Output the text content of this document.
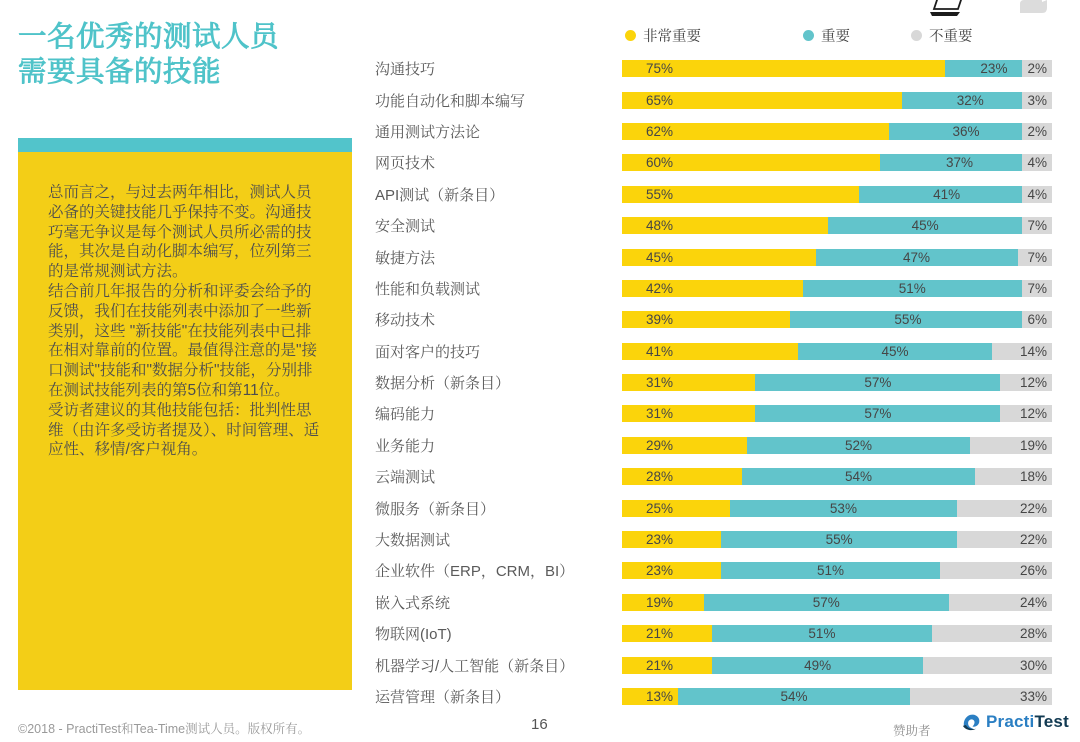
一名优秀的测试人员
需要具备的技能

总而言之，与过去两年相比，测试人员必备的关键技能几乎保持不变。沟通技巧毫无争议是每个测试人员所必需的技能，其次是自动化脚本编写，位列第三的是常规测试方法。

结合前几年报告的分析和评委会给予的反馈，我们在技能列表中添加了一些新类别，这些 "新技能"在技能列表中已排在相对靠前的位置。最值得注意的是"接口测试"技能和"数据分析"技能，分别排在测试技能列表的第5位和第11位。

受访者建议的其他技能包括：批判性思维（由许多受访者提及）、时间管理、适应性、移情/客户视角。

非常重要	重要	不重要
沟通技巧	75%	23%	2%
功能自动化和脚本编写	65%	32%	3%
通用测试方法论	62%	36%	2%
网页技术	60%	37%	4%
API测试（新条目）	55%	41%	4%
安全测试	48%	45%	7%
敏捷方法	45%	47%	7%
性能和负载测试	42%	51%	7%
移动技术	39%	55%	6%
面对客户的技巧	41%	45%	14%
数据分析（新条目）	31%	57%	12%
编码能力	31%	57%	12%
业务能力	29%	52%	19%
云端测试	28%	54%	18%
微服务（新条目）	25%	53%	22%
大数据测试	23%	55%	22%
企业软件（ERP，CRM，BI）	23%	51%	26%
嵌入式系统	19%	57%	24%
物联网(IoT)	21%	51%	28%
机器学习/人工智能（新条目）	21%	49%	30%
运营管理（新条目）	13%	54%	33%
©2018 - PractiTest和Tea-Time测试人员。版权所有。	16	赞助者
PractiTest
